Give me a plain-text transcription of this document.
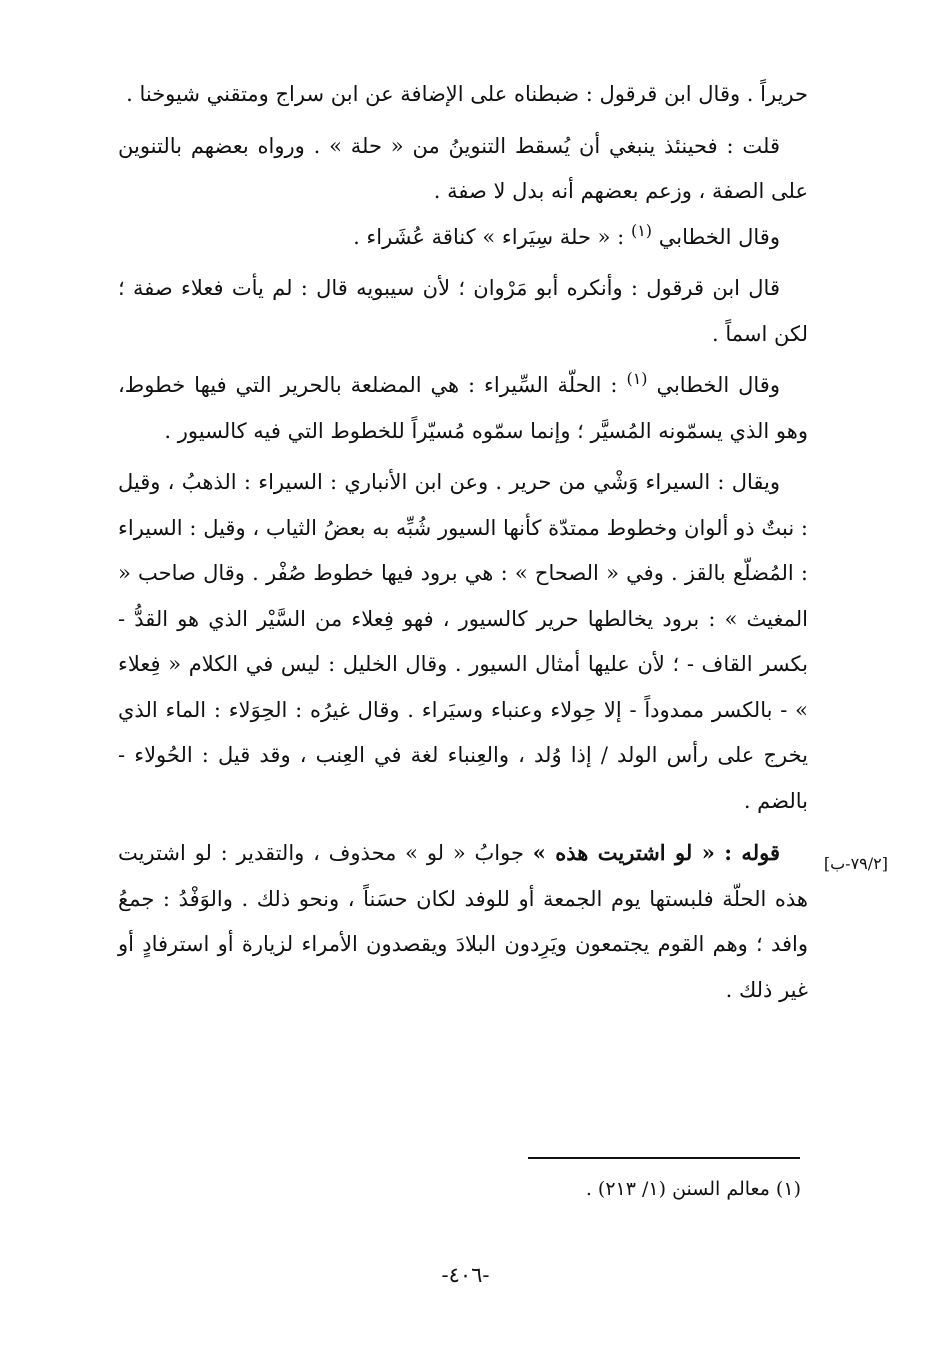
حريراً . وقال ابن قرقول : ضبطناه على الإضافة عن ابن سراج ومتقني شيوخنا .

قلت : فحينئذ ينبغي أن يُسقط التنوينُ من « حلة » . ورواه بعضهم بالتنوين على الصفة ، وزعم بعضهم أنه بدل لا صفة .

وقال الخطابي $^{(١)}$ : « حلة سِيَراء » كناقة عُشَراء .

قال ابن قرقول : وأنكره أبو مَرْوان ؛ لأن سيبويه قال : لم يأت فعلاء صفة ؛ لكن اسماً .

وقال الخطابي $^{(١)}$ : الحلّة السِّيراء : هي المضلعة بالحرير التي فيها خطوط، وهو الذي يسمّونه المُسيَّر ؛ وإنما سمّوه مُسيّراً للخطوط التي فيه كالسيور .

ويقال : السيراء وَشْي من حرير . وعن ابن الأنباري : السيراء : الذهبُ ، وقيل : نبتٌ ذو ألوان وخطوط ممتدّة كأنها السيور شُبِّه به بعضُ الثياب ، وقيل : السيراء : المُضلّع بالقز . وفي « الصحاح » : هي برود فيها خطوط صُفْر . وقال صاحب « المغيث » : برود يخالطها حرير كالسيور ، فهو فِعلاء من السَّيْر الذي هو القدُّ - بكسر القاف - ؛ لأن عليها أمثال السيور . وقال الخليل : ليس في الكلام « فِعلاء » - بالكسر ممدوداً - إلا حِولاء وعنباء وسيَراء . وقال غيرُه : الحِوَلاء : الماء الذي يخرج على رأس الولد / إذا وُلد ، والعِنباء لغة في العِنب ، وقد قيل : الحُولاء - بالضم .

قوله : « لو اشتريت هذه » جوابُ « لو » محذوف ، والتقدير : لو اشتريت هذه الحلّة فلبستها يوم الجمعة أو للوفد لكان حسَناً ، ونحو ذلك . والوَفْدُ : جمعُ وافد ؛ وهم القوم يجتمعون ويَرِدون البلادَ ويقصدون الأمراء لزيارة أو استرفادٍ أو غير ذلك .

[٧٩/٢-ب]
(١) معالم السنن (١/ ٢١٣) .
-٤٠٦-
